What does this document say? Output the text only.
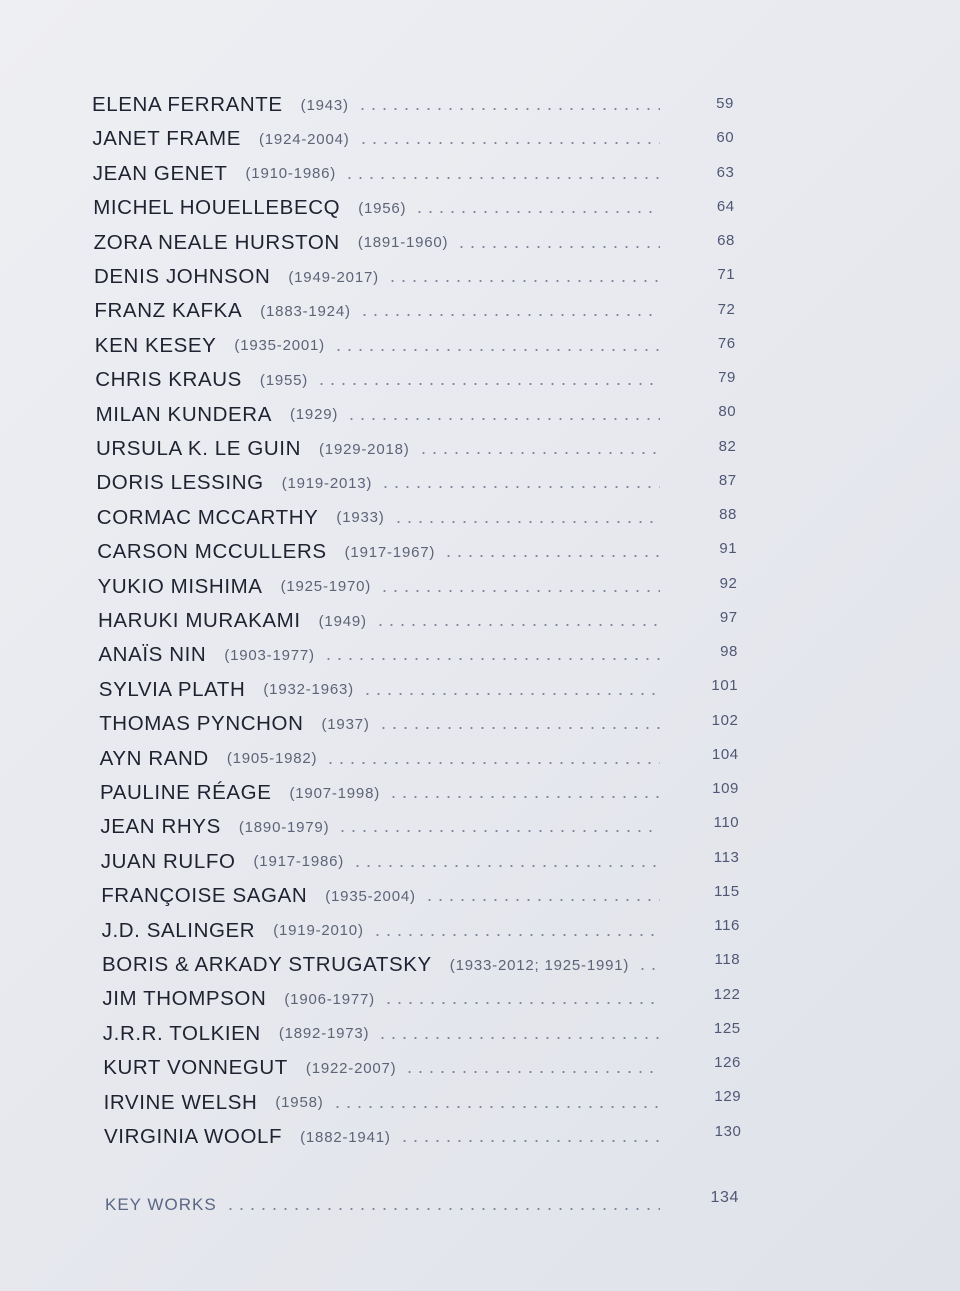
ELENA FERRANTE (1943)	59
JANET FRAME (1924-2004)	60
JEAN GENET (1910-1986)	63
MICHEL HOUELLEBECQ (1956)	64
ZORA NEALE HURSTON (1891-1960)	68
DENIS JOHNSON (1949-2017)	71
FRANZ KAFKA (1883-1924)	72
KEN KESEY (1935-2001)	76
CHRIS KRAUS (1955)	79
MILAN KUNDERA (1929)	80
URSULA K. LE GUIN (1929-2018)	82
DORIS LESSING (1919-2013)	87
CORMAC MCCARTHY (1933)	88
CARSON MCCULLERS (1917-1967)	91
YUKIO MISHIMA (1925-1970)	92
HARUKI MURAKAMI (1949)	97
ANAÏS NIN (1903-1977)	98
SYLVIA PLATH (1932-1963)	101
THOMAS PYNCHON (1937)	102
AYN RAND (1905-1982)	104
PAULINE RÉAGE (1907-1998)	109
JEAN RHYS (1890-1979)	110
JUAN RULFO (1917-1986)	113
FRANÇOISE SAGAN (1935-2004)	115
J.D. SALINGER (1919-2010)	116
BORIS & ARKADY STRUGATSKY (1933-2012; 1925-1991)	118
JIM THOMPSON (1906-1977)	122
J.R.R. TOLKIEN (1892-1973)	125
KURT VONNEGUT (1922-2007)	126
IRVINE WELSH (1958)	129
VIRGINIA WOOLF (1882-1941)	130
KEY WORKS	134
